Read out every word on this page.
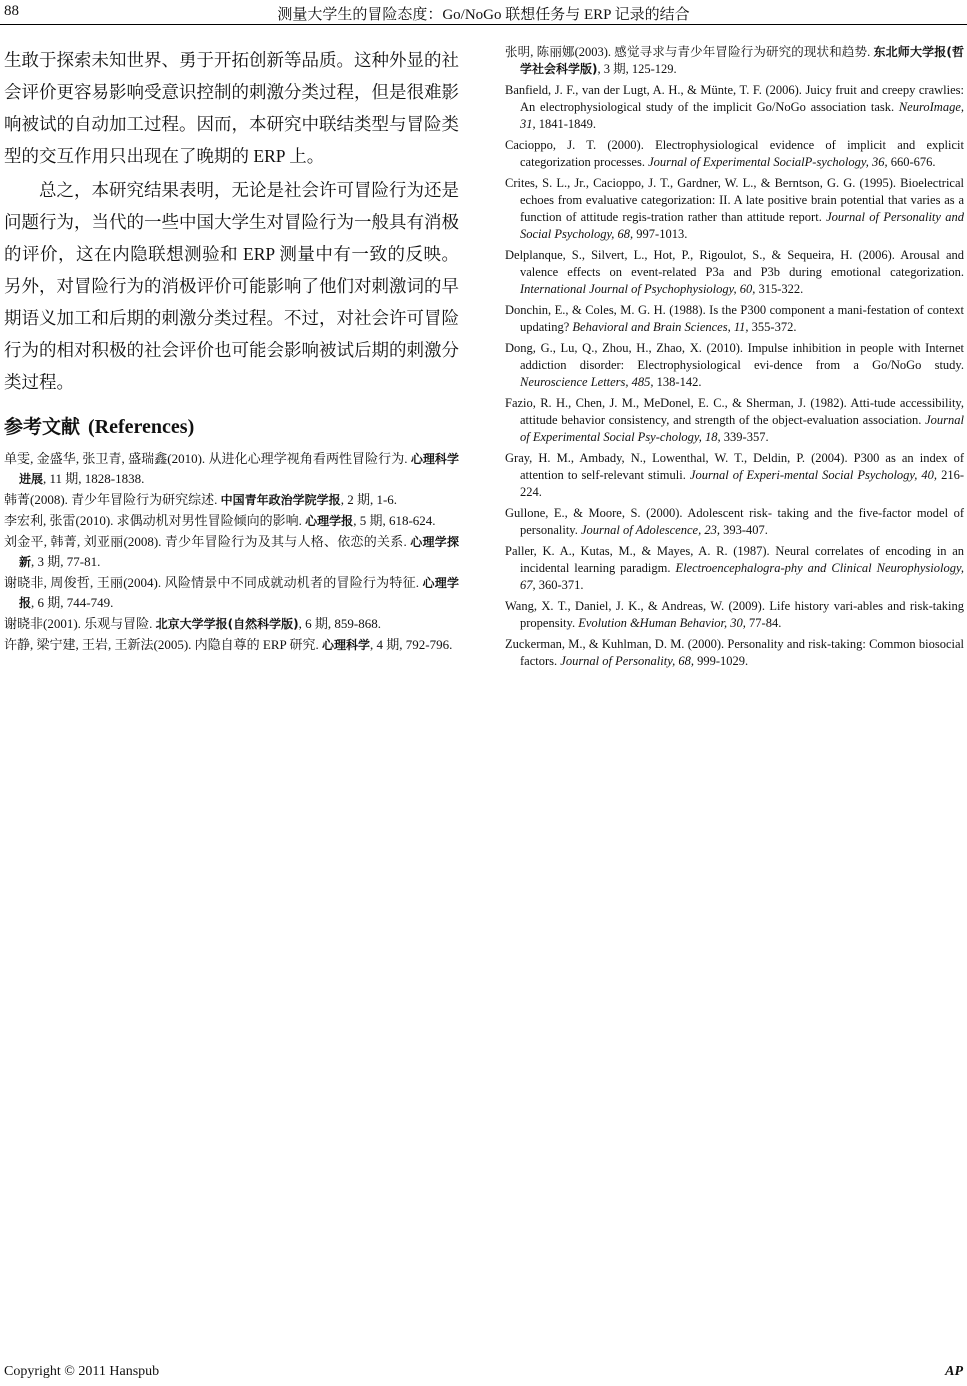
88	测量大学生的冒险态度：Go/NoGo 联想任务与 ERP 记录的结合

生敢于探索未知世界、勇于开拓创新等品质。这种外显的社会评价更容易影响受意识控制的刺激分类过程，但是很难影响被试的自动加工过程。因而，本研究中联结类型与冒险类型的交互作用只出现在了晚期的 ERP 上。

总之，本研究结果表明，无论是社会许可冒险行为还是问题行为，当代的一些中国大学生对冒险行为一般具有消极的评价，这在内隐联想测验和 ERP 测量中有一致的反映。另外，对冒险行为的消极评价可能影响了他们对刺激词的早期语义加工和后期的刺激分类过程。不过，对社会许可冒险行为的相对积极的社会评价也可能会影响被试后期的刺激分类过程。

参考文献 (References)

单雯, 金盛华, 张卫青, 盛瑞鑫(2010). 从进化心理学视角看两性冒险行为. 心理科学进展, 11 期, 1828-1838.

韩菁(2008). 青少年冒险行为研究综述. 中国青年政治学院学报, 2 期, 1-6.

李宏利, 张雷(2010). 求偶动机对男性冒险倾向的影响. 心理学报, 5 期, 618-624.

刘金平, 韩菁, 刘亚丽(2008). 青少年冒险行为及其与人格、依恋的关系. 心理学探新, 3 期, 77-81.

谢晓非, 周俊哲, 王丽(2004). 风险情景中不同成就动机者的冒险行为特征. 心理学报, 6 期, 744-749.

谢晓非(2001). 乐观与冒险. 北京大学学报(自然科学版), 6 期, 859-868.

许静, 梁宁建, 王岩, 王新法(2005). 内隐自尊的 ERP 研究. 心理科学, 4 期, 792-796.

张明, 陈丽娜(2003). 感觉寻求与青少年冒险行为研究的现状和趋势. 东北师大学报(哲学社会科学版), 3 期, 125-129.

Banfield, J. F., van der Lugt, A. H., & Münte, T. F. (2006). Juicy fruit and creepy crawlies: An electrophysiological study of the implicit Go/NoGo association task. NeuroImage, 31, 1841-1849.

Cacioppo, J. T. (2000). Electrophysiological evidence of implicit and explicit categorization processes. Journal of Experimental SocialP-sychology, 36, 660-676.

Crites, S. L., Jr., Cacioppo, J. T., Gardner, W. L., & Berntson, G. G. (1995). Bioelectrical echoes from evaluative categorization: II. A late positive brain potential that varies as a function of attitude regis-tration rather than attitude report. Journal of Personality and Social Psychology, 68, 997-1013.

Delplanque, S., Silvert, L., Hot, P., Rigoulot, S., & Sequeira, H. (2006). Arousal and valence effects on event-related P3a and P3b during emotional categorization. International Journal of Psychophysiology, 60, 315-322.

Donchin, E., & Coles, M. G. H. (1988). Is the P300 component a mani-festation of context updating? Behavioral and Brain Sciences, 11, 355-372.

Dong, G., Lu, Q., Zhou, H., Zhao, X. (2010). Impulse inhibition in people with Internet addiction disorder: Electrophysiological evi-dence from a Go/NoGo study. Neuroscience Letters, 485, 138-142.

Fazio, R. H., Chen, J. M., MeDonel, E. C., & Sherman, J. (1982). Atti-tude accessibility, attitude behavior consistency, and strength of the object-evaluation association. Journal of Experimental Social Psy-chology, 18, 339-357.

Gray, H. M., Ambady, N., Lowenthal, W. T., Deldin, P. (2004). P300 as an index of attention to self-relevant stimuli. Journal of Experi-mental Social Psychology, 40, 216-224.

Gullone, E., & Moore, S. (2000). Adolescent risk- taking and the five-factor model of personality. Journal of Adolescence, 23, 393-407.

Paller, K. A., Kutas, M., & Mayes, A. R. (1987). Neural correlates of encoding in an incidental learning paradigm. Electroencephalogra-phy and Clinical Neurophysiology, 67, 360-371.

Wang, X. T., Daniel, J. K., & Andreas, W. (2009). Life history vari-ables and risk-taking propensity. Evolution &Human Behavior, 30, 77-84.

Zuckerman, M., & Kuhlman, D. M. (2000). Personality and risk-taking: Common biosocial factors. Journal of Personality, 68, 999-1029.

Copyright © 2011 Hanspub	AP
